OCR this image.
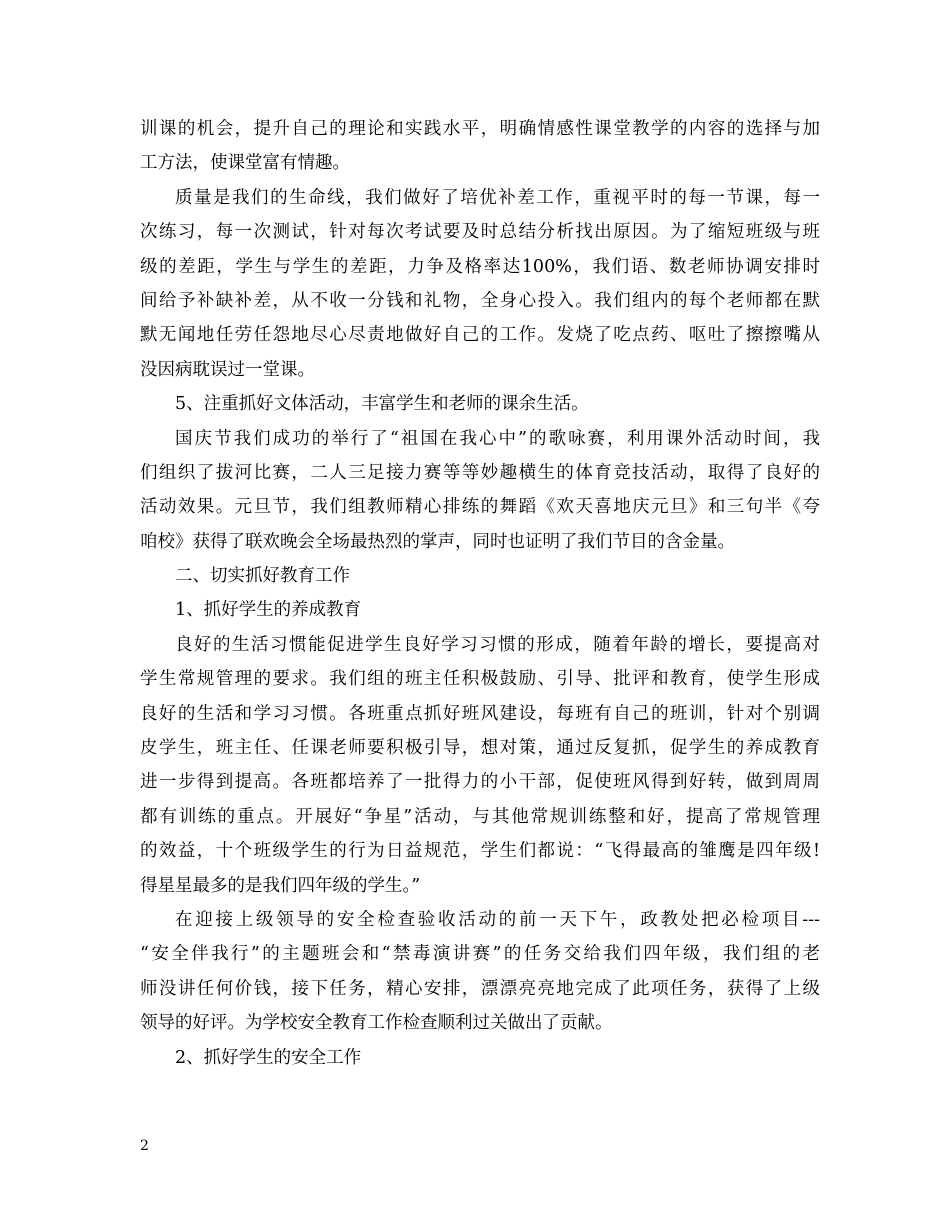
训课的机会，提升自己的理论和实践水平，明确情感性课堂教学的内容的选择与加
工方法，使课堂富有情趣。
质量是我们的生命线，我们做好了培优补差工作，重视平时的每一节课，每一
次练习，每一次测试，针对每次考试要及时总结分析找出原因。为了缩短班级与班
级的差距，学生与学生的差距，力争及格率达100%，我们语、数老师协调安排时
间给予补缺补差，从不收一分钱和礼物，全身心投入。我们组内的每个老师都在默
默无闻地任劳任怨地尽心尽责地做好自己的工作。发烧了吃点药、呕吐了擦擦嘴从
没因病耽误过一堂课。
5、注重抓好文体活动，丰富学生和老师的课余生活。
国庆节我们成功的举行了“祖国在我心中”的歌咏赛，利用课外活动时间，我
们组织了拔河比赛，二人三足接力赛等等妙趣横生的体育竞技活动，取得了良好的
活动效果。元旦节，我们组教师精心排练的舞蹈《欢天喜地庆元旦》和三句半《夸
咱校》获得了联欢晚会全场最热烈的掌声，同时也证明了我们节目的含金量。
二、切实抓好教育工作
1、抓好学生的养成教育
良好的生活习惯能促进学生良好学习习惯的形成，随着年龄的增长，要提高对
学生常规管理的要求。我们组的班主任积极鼓励、引导、批评和教育，使学生形成
良好的生活和学习习惯。各班重点抓好班风建设，每班有自己的班训，针对个别调
皮学生，班主任、任课老师要积极引导，想对策，通过反复抓，促学生的养成教育
进一步得到提高。各班都培养了一批得力的小干部，促使班风得到好转，做到周周
都有训练的重点。开展好“争星”活动，与其他常规训练整和好，提高了常规管理
的效益，十个班级学生的行为日益规范，学生们都说：“飞得最高的雏鹰是四年级!
得星星最多的是我们四年级的学生。”
在迎接上级领导的安全检查验收活动的前一天下午，政教处把必检项目---
“安全伴我行”的主题班会和“禁毒演讲赛”的任务交给我们四年级，我们组的老
师没讲任何价钱，接下任务，精心安排，漂漂亮亮地完成了此项任务，获得了上级
领导的好评。为学校安全教育工作检查顺利过关做出了贡献。
2、抓好学生的安全工作
2
